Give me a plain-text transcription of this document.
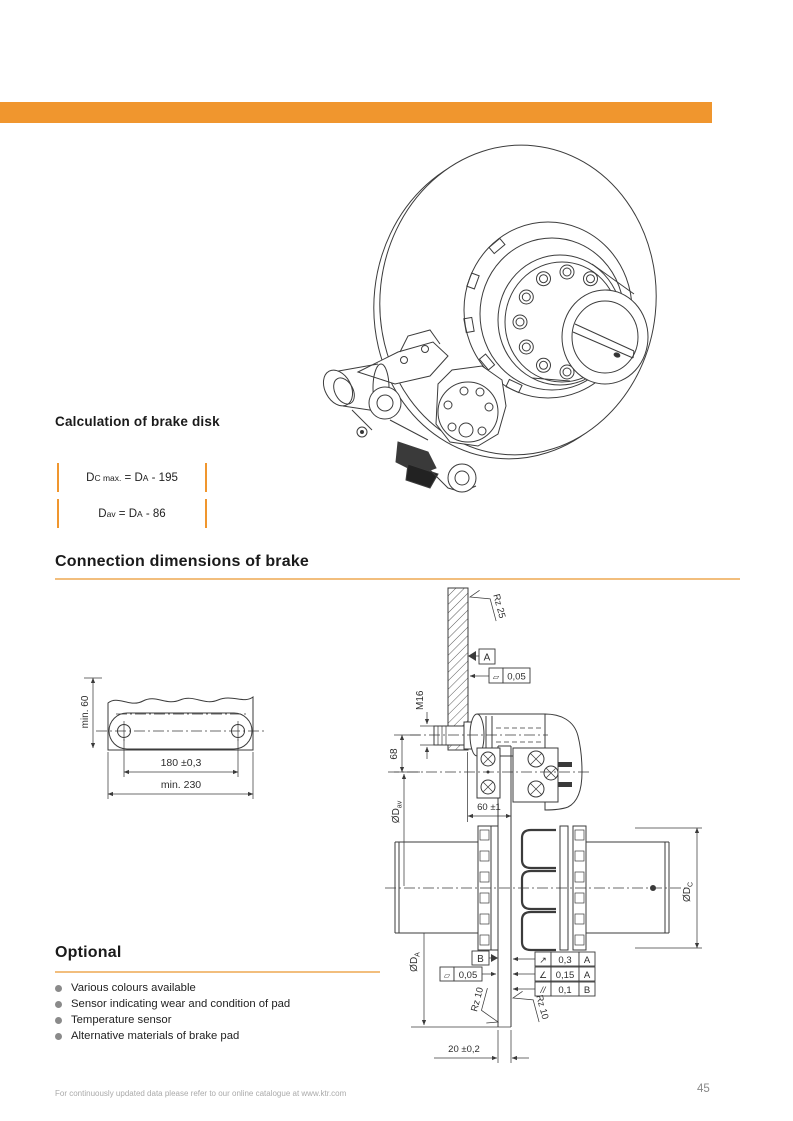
Calculation of brake disk
D C max. = D A - 195
D av = D A - 86
Connection dimensions of brake
min. 60
180 ±0,3
min. 230
Rz 25
A
▱ 0,05
M16
68
$ØD_{av}$	60 ±1
$ØD_C$
$ØD_A$	B
▱ 0,05
↗ 0,3 A
∠ 0,15 A
// 0,1 B
Rz 10	Rz 10
20 ±0,2
Optional
Various colours available
Sensor indicating wear and condition of pad
Temperature sensor
Alternative materials of brake pad
For continuously updated data please refer to our online catalogue at www.ktr.com	45
